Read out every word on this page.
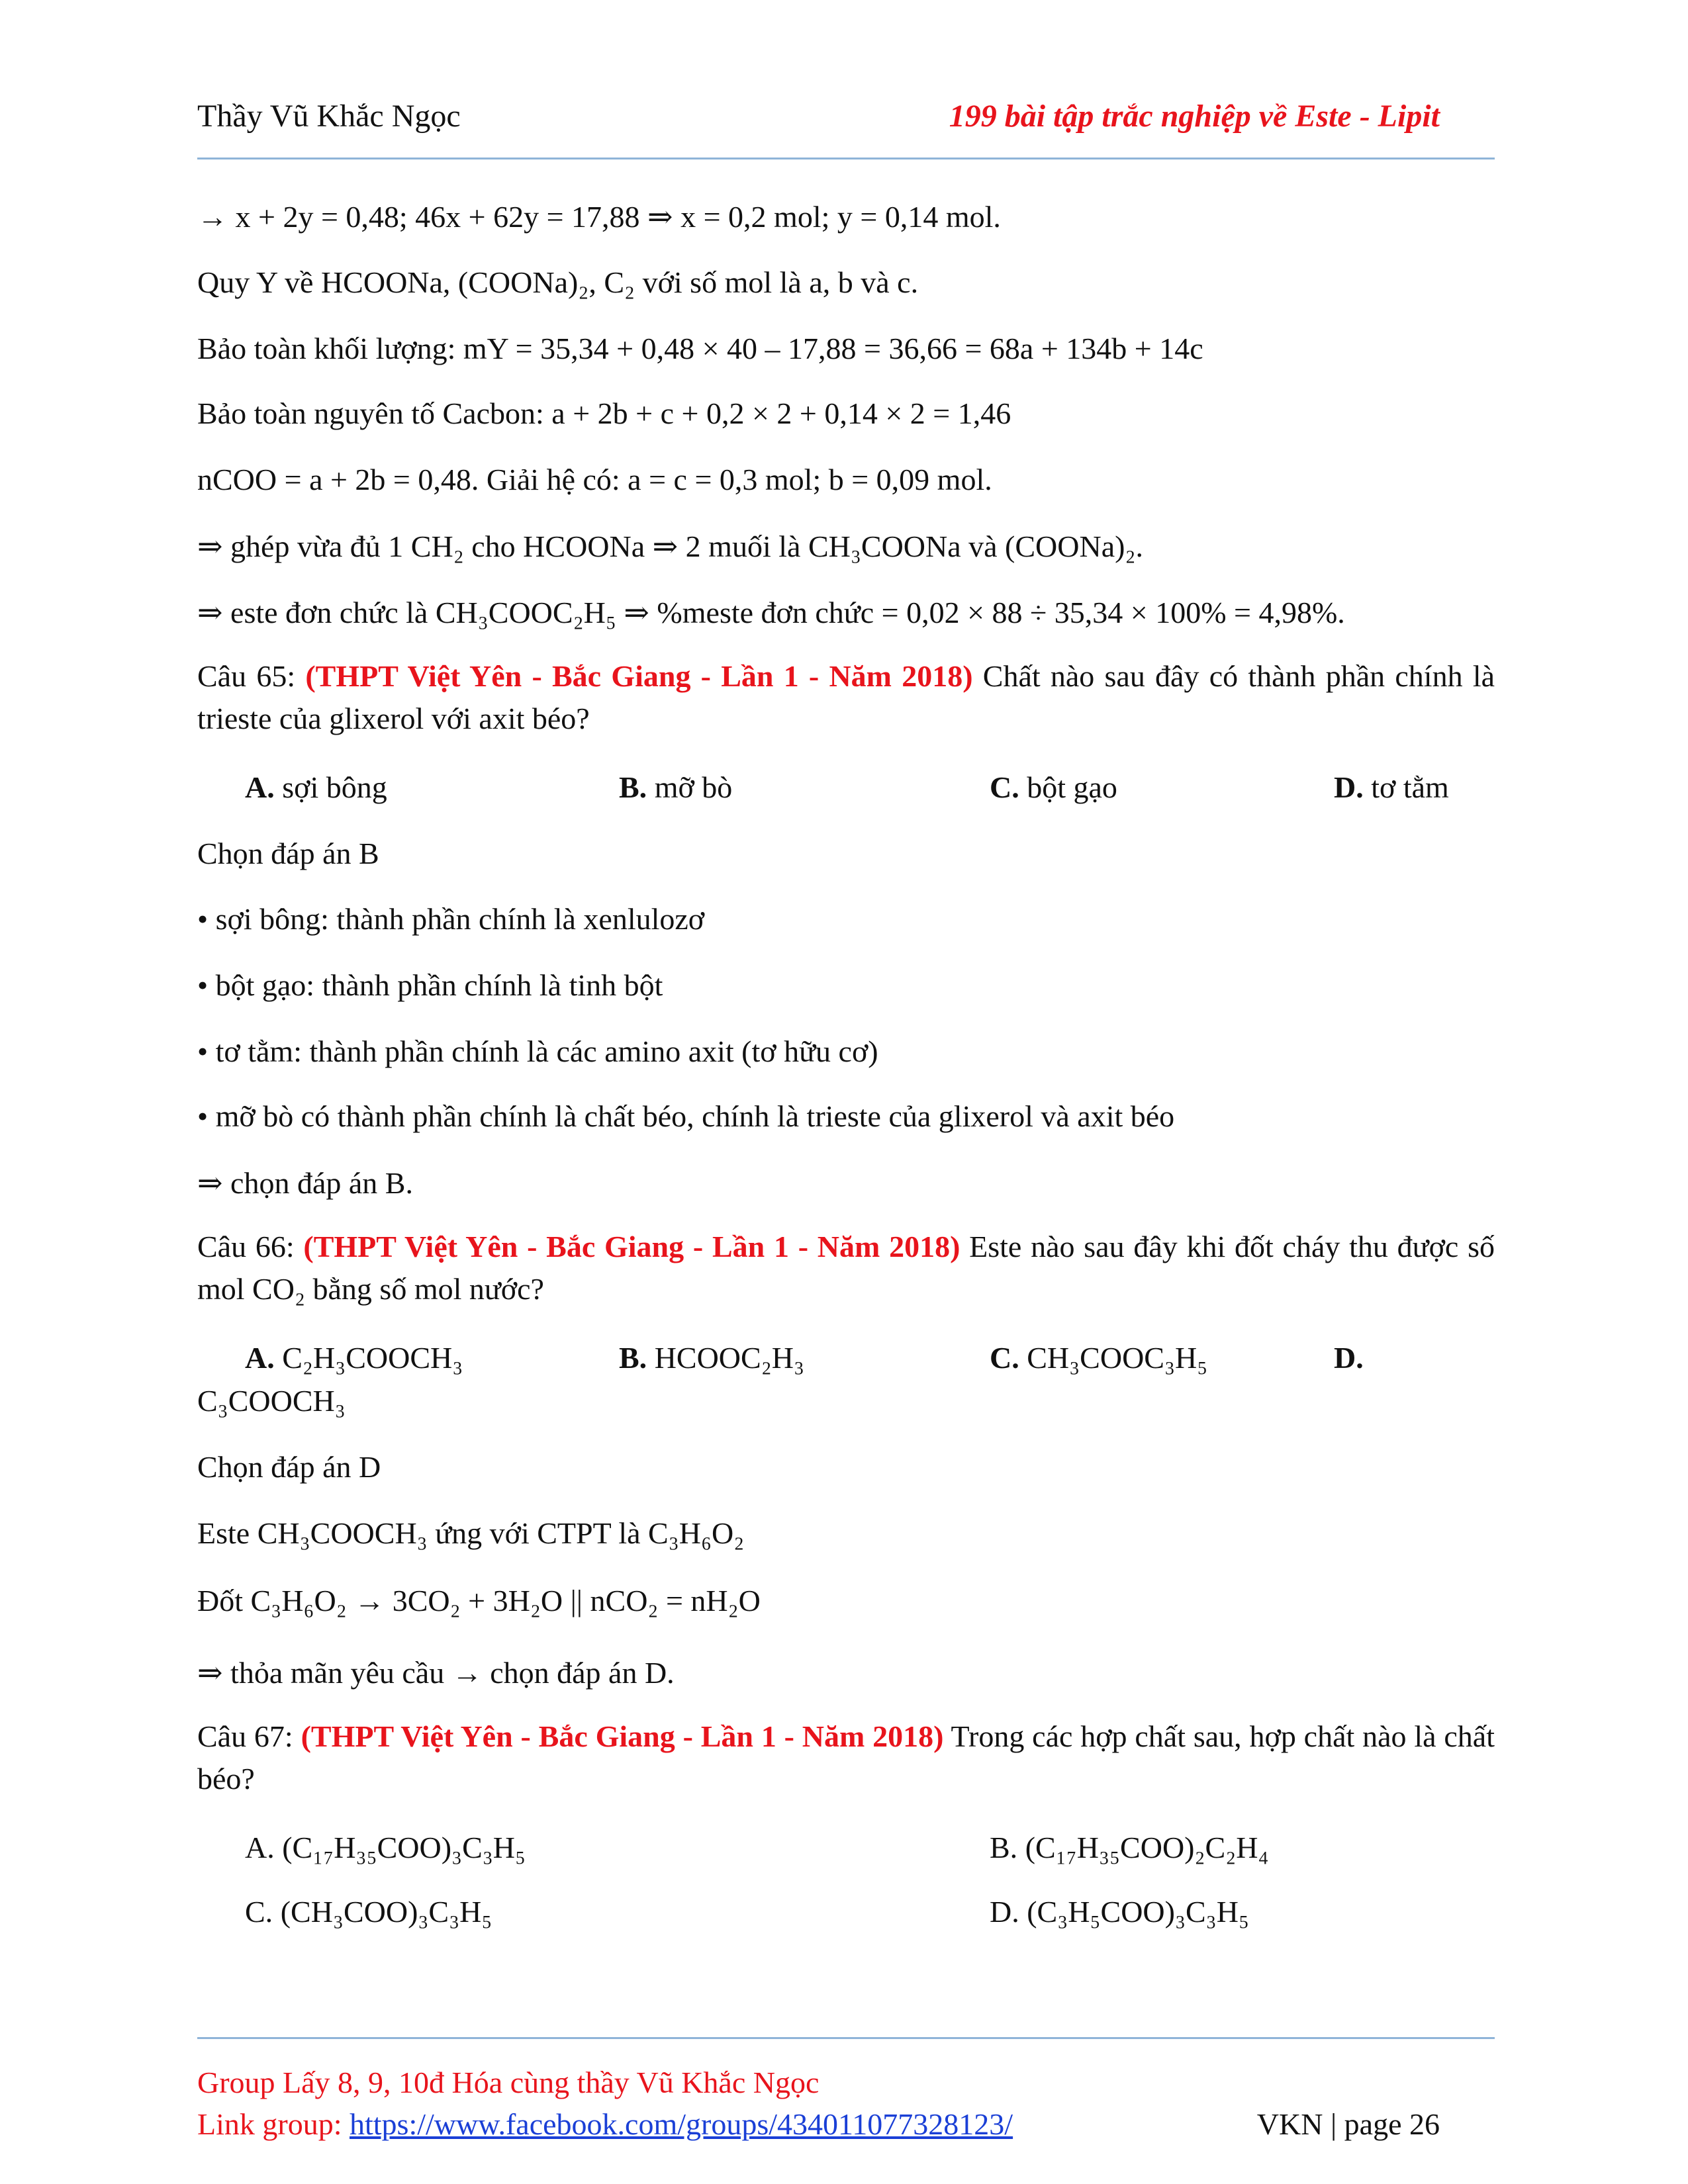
Thầy Vũ Khắc Ngọc	199 bài tập trắc nghiệp về Este - Lipit
→ x + 2y = 0,48; 46x + 62y = 17,88 ⇒ x = 0,2 mol; y = 0,14 mol.
Quy Y về HCOONa, (COONa)₂, C₂ với số mol là a, b và c.
Bảo toàn khối lượng: mY = 35,34 + 0,48 × 40 – 17,88 = 36,66 = 68a + 134b + 14c
Bảo toàn nguyên tố Cacbon: a + 2b + c + 0,2 × 2 + 0,14 × 2 = 1,46
nCOO = a + 2b = 0,48. Giải hệ có: a = c = 0,3 mol; b = 0,09 mol.
⇒ ghép vừa đủ 1 CH₂ cho HCOONa ⇒ 2 muối là CH₃COONa và (COONa)₂.
⇒ este đơn chức là CH₃COOC₂H₅ ⇒ %meste đơn chức = 0,02 × 88 ÷ 35,34 × 100% = 4,98%.
Câu 65: (THPT Việt Yên - Bắc Giang - Lần 1 - Năm 2018) Chất nào sau đây có thành phần chính là trieste của glixerol với axit béo?
A. sợi bông	B. mỡ bò	C. bột gạo	D. tơ tằm
Chọn đáp án B
• sợi bông: thành phần chính là xenlulozơ
• bột gạo: thành phần chính là tinh bột
• tơ tằm: thành phần chính là các amino axit (tơ hữu cơ)
• mỡ bò có thành phần chính là chất béo, chính là trieste của glixerol và axit béo
⇒ chọn đáp án B.
Câu 66: (THPT Việt Yên - Bắc Giang - Lần 1 - Năm 2018) Este nào sau đây khi đốt cháy thu được số mol CO₂ bằng số mol nước?
A. C₂H₃COOCH₃	B. HCOOC₂H₃	C. CH₃COOC₃H₅	D.
C₃COOCH₃
Chọn đáp án D
Este CH₃COOCH₃ ứng với CTPT là C₃H₆O₂
Đốt C₃H₆O₂ → 3CO₂ + 3H₂O || nCO₂ = nH₂O
⇒ thỏa mãn yêu cầu → chọn đáp án D.
Câu 67: (THPT Việt Yên - Bắc Giang - Lần 1 - Năm 2018) Trong các hợp chất sau, hợp chất nào là chất béo?
A. (C₁₇H₃₅COO)₃C₃H₅	B. (C₁₇H₃₅COO)₂C₂H₄
C. (CH₃COO)₃C₃H₅	D. (C₃H₅COO)₃C₃H₅
Group Lấy 8, 9, 10đ Hóa cùng thầy Vũ Khắc Ngọc
Link group: https://www.facebook.com/groups/434011077328123/	VKN | page 26
